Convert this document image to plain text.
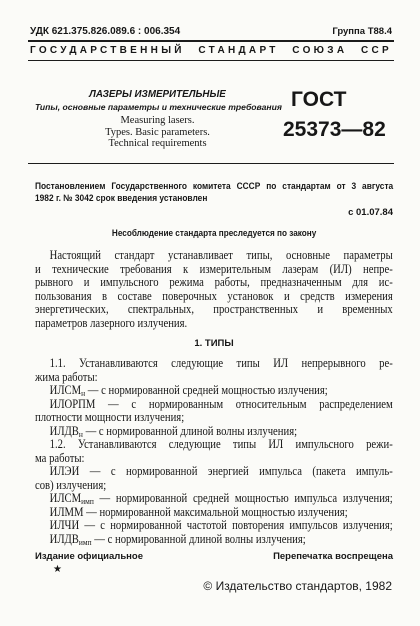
УДК 621.375.826.089.6 : 006.354	Группа Т88.4
ГОСУДАРСТВЕННЫЙ СТАНДАРТ СОЮЗА ССР
ЛАЗЕРЫ ИЗМЕРИТЕЛЬНЫЕ
Типы, основные параметры и технические требования
Measuring lasers.
Types. Basic parameters.
Technical requirements
ГОСТ
25373—82
Постановлением Государственного комитета СССР по стандартам от 3 августа
1982 г. № 3042 срок введения установлен
с 01.07.84
Несоблюдение стандарта преследуется по закону
Настоящий стандарт устанавливает типы, основные параметры
и технические требования к измерительным лазерам (ИЛ) непре-
рывного и импульсного режима работы, предназначенным для ис-
пользования в составе поверочных установок и средств измерения
энергетических, спектральных, пространственных и временных
параметров лазерного излучения.
1. ТИПЫ
1.1. Устанавливаются следующие типы ИЛ непрерывного ре-
жима работы:
$ИЛСМ_н$ — с нормированной средней мощностью излучения;
ИЛОРПМ — с нормированным относительным распределением
плотности мощности излучения;
$ИЛДВ_н$ — с нормированной длиной волны излучения;
1.2. Устанавливаются следующие типы ИЛ импульсного режи-
ма работы:
ИЛЭИ — с нормированной энергией импульса (пакета импуль-
сов) излучения;
$ИЛСМ_{имп}$ — нормированной средней мощностью импульса излучения;
ИЛММ — нормированной максимальной мощностью излучения;
ИЛЧИ — с нормированной частотой повторения импульсов излучения;
$ИЛДВ_{имп}$ — с нормированной длиной волны излучения;
Издание официальное
★
Перепечатка воспрещена
© Издательство стандартов, 1982
